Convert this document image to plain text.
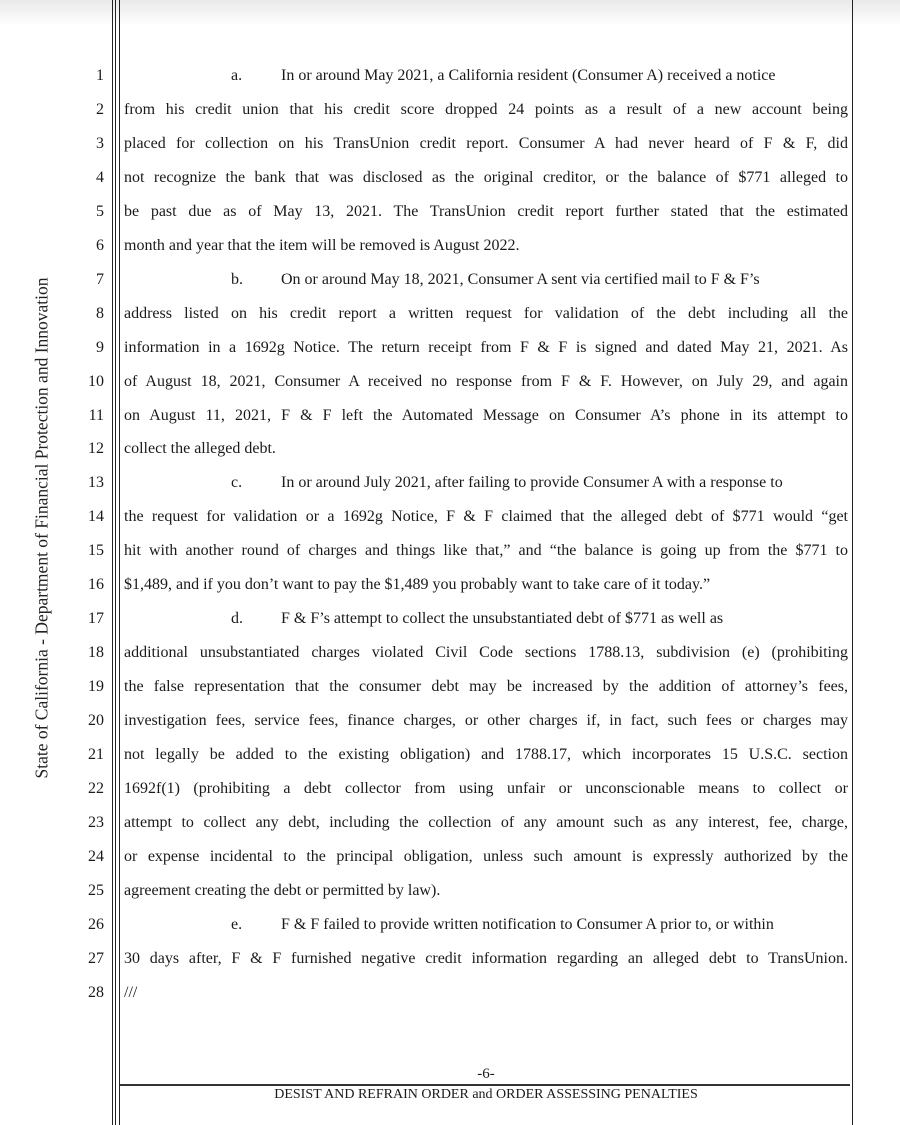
State of California - Department of Financial Protection and Innovation
1	a. In or around May 2021, a California resident (Consumer A) received a notice
2 from his credit union that his credit score dropped 24 points as a result of a new account being
3 placed for collection on his TransUnion credit report. Consumer A had never heard of F & F, did
4 not recognize the bank that was disclosed as the original creditor, or the balance of $771 alleged to
5 be past due as of May 13, 2021. The TransUnion credit report further stated that the estimated
6 month and year that the item will be removed is August 2022.
7	b. On or around May 18, 2021, Consumer A sent via certified mail to F & F’s
8 address listed on his credit report a written request for validation of the debt including all the
9 information in a 1692g Notice. The return receipt from F & F is signed and dated May 21, 2021. As
10 of August 18, 2021, Consumer A received no response from F & F. However, on July 29, and again
11 on August 11, 2021, F & F left the Automated Message on Consumer A’s phone in its attempt to
12 collect the alleged debt.
13	c. In or around July 2021, after failing to provide Consumer A with a response to
14 the request for validation or a 1692g Notice, F & F claimed that the alleged debt of $771 would “get
15 hit with another round of charges and things like that,” and “the balance is going up from the $771 to
16 $1,489, and if you don’t want to pay the $1,489 you probably want to take care of it today.”
17	d. F & F’s attempt to collect the unsubstantiated debt of $771 as well as
18 additional unsubstantiated charges violated Civil Code sections 1788.13, subdivision (e) (prohibiting
19 the false representation that the consumer debt may be increased by the addition of attorney’s fees,
20 investigation fees, service fees, finance charges, or other charges if, in fact, such fees or charges may
21 not legally be added to the existing obligation) and 1788.17, which incorporates 15 U.S.C. section
22 1692f(1) (prohibiting a debt collector from using unfair or unconscionable means to collect or
23 attempt to collect any debt, including the collection of any amount such as any interest, fee, charge,
24 or expense incidental to the principal obligation, unless such amount is expressly authorized by the
25 agreement creating the debt or permitted by law).
26	e. F & F failed to provide written notification to Consumer A prior to, or within
27 30 days after, F & F furnished negative credit information regarding an alleged debt to TransUnion.
28 ///
-6-
DESIST AND REFRAIN ORDER and ORDER ASSESSING PENALTIES
